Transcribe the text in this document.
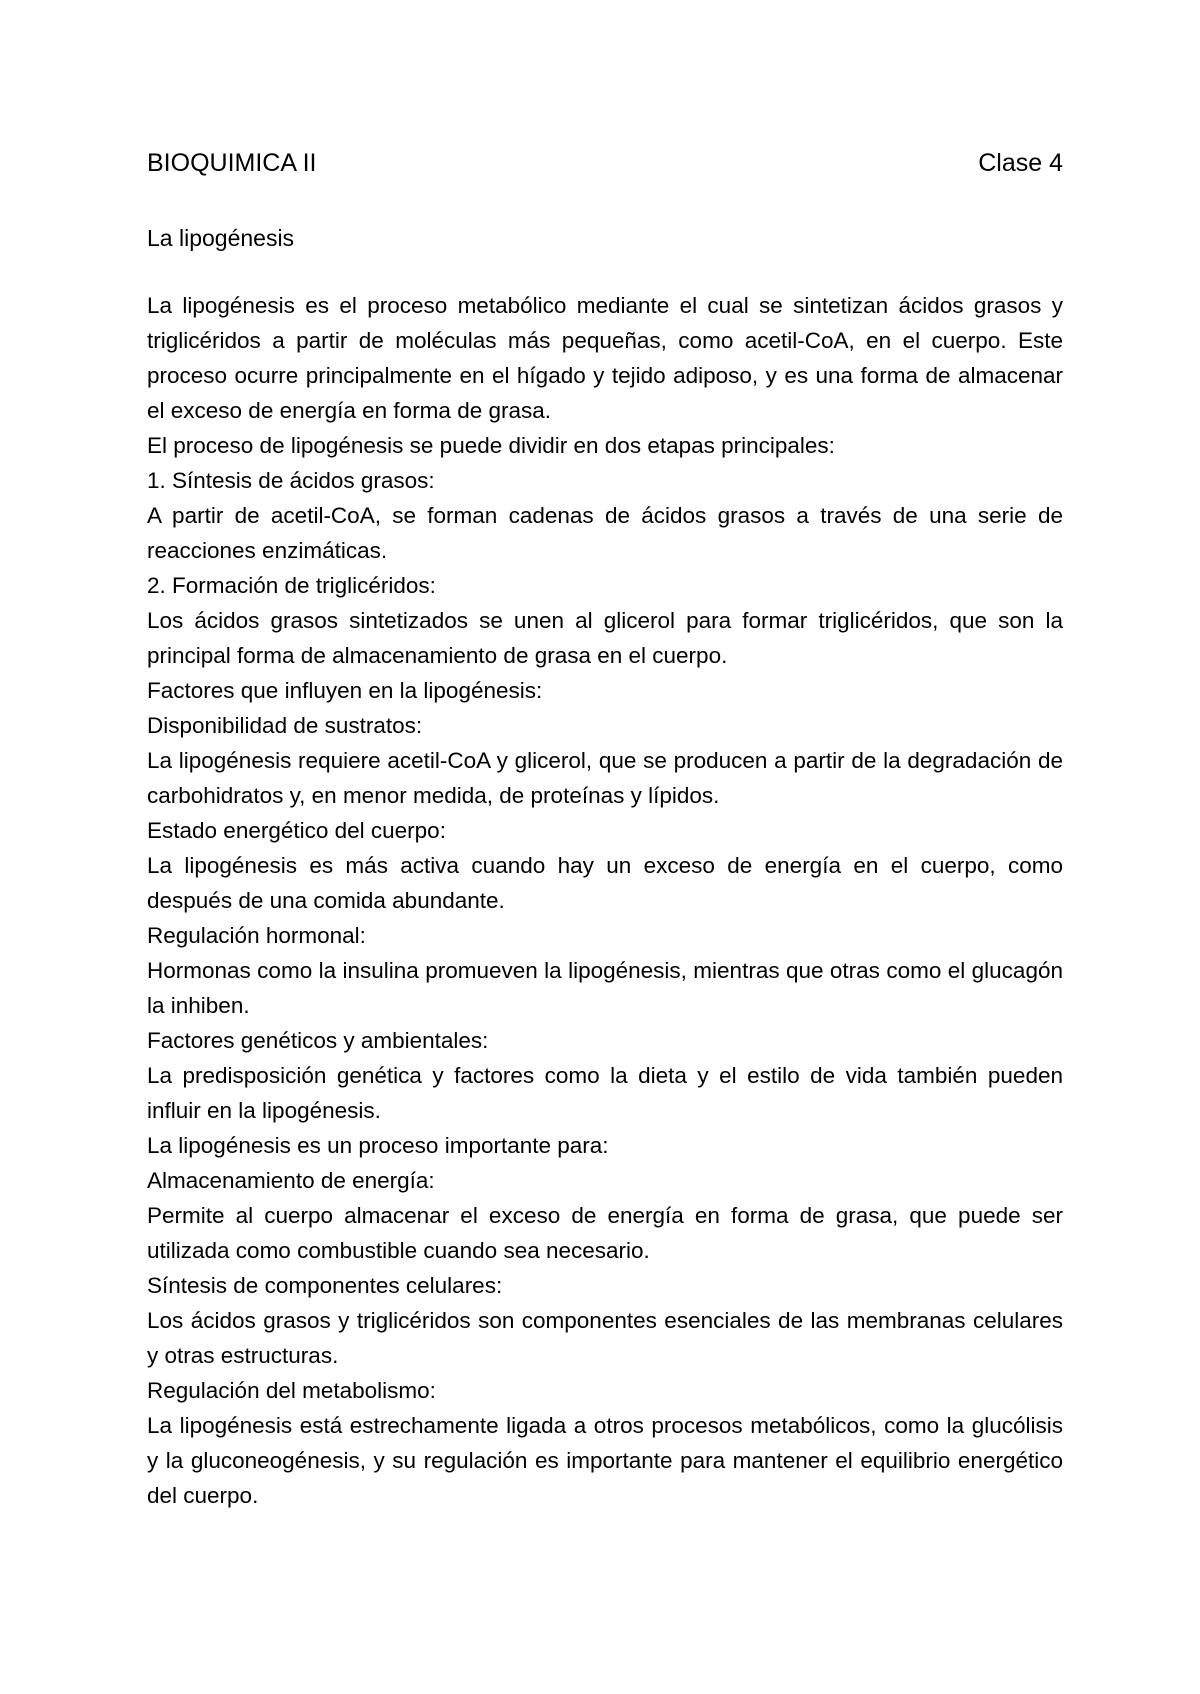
BIOQUIMICA II	Clase 4
La lipogénesis

La lipogénesis es el proceso metabólico mediante el cual se sintetizan ácidos grasos y triglicéridos a partir de moléculas más pequeñas, como acetil-CoA, en el cuerpo. Este proceso ocurre principalmente en el hígado y tejido adiposo, y es una forma de almacenar el exceso de energía en forma de grasa.

El proceso de lipogénesis se puede dividir en dos etapas principales:

1. Síntesis de ácidos grasos:

A partir de acetil-CoA, se forman cadenas de ácidos grasos a través de una serie de reacciones enzimáticas.

2. Formación de triglicéridos:

Los ácidos grasos sintetizados se unen al glicerol para formar triglicéridos, que son la principal forma de almacenamiento de grasa en el cuerpo.

Factores que influyen en la lipogénesis:

Disponibilidad de sustratos:

La lipogénesis requiere acetil-CoA y glicerol, que se producen a partir de la degradación de carbohidratos y, en menor medida, de proteínas y lípidos.

Estado energético del cuerpo:

La lipogénesis es más activa cuando hay un exceso de energía en el cuerpo, como después de una comida abundante.

Regulación hormonal:

Hormonas como la insulina promueven la lipogénesis, mientras que otras como el glucagón la inhiben.

Factores genéticos y ambientales:

La predisposición genética y factores como la dieta y el estilo de vida también pueden influir en la lipogénesis.

La lipogénesis es un proceso importante para:

Almacenamiento de energía:

Permite al cuerpo almacenar el exceso de energía en forma de grasa, que puede ser utilizada como combustible cuando sea necesario.

Síntesis de componentes celulares:

Los ácidos grasos y triglicéridos son componentes esenciales de las membranas celulares y otras estructuras.

Regulación del metabolismo:

La lipogénesis está estrechamente ligada a otros procesos metabólicos, como la glucólisis y la gluconeogénesis, y su regulación es importante para mantener el equilibrio energético del cuerpo.
